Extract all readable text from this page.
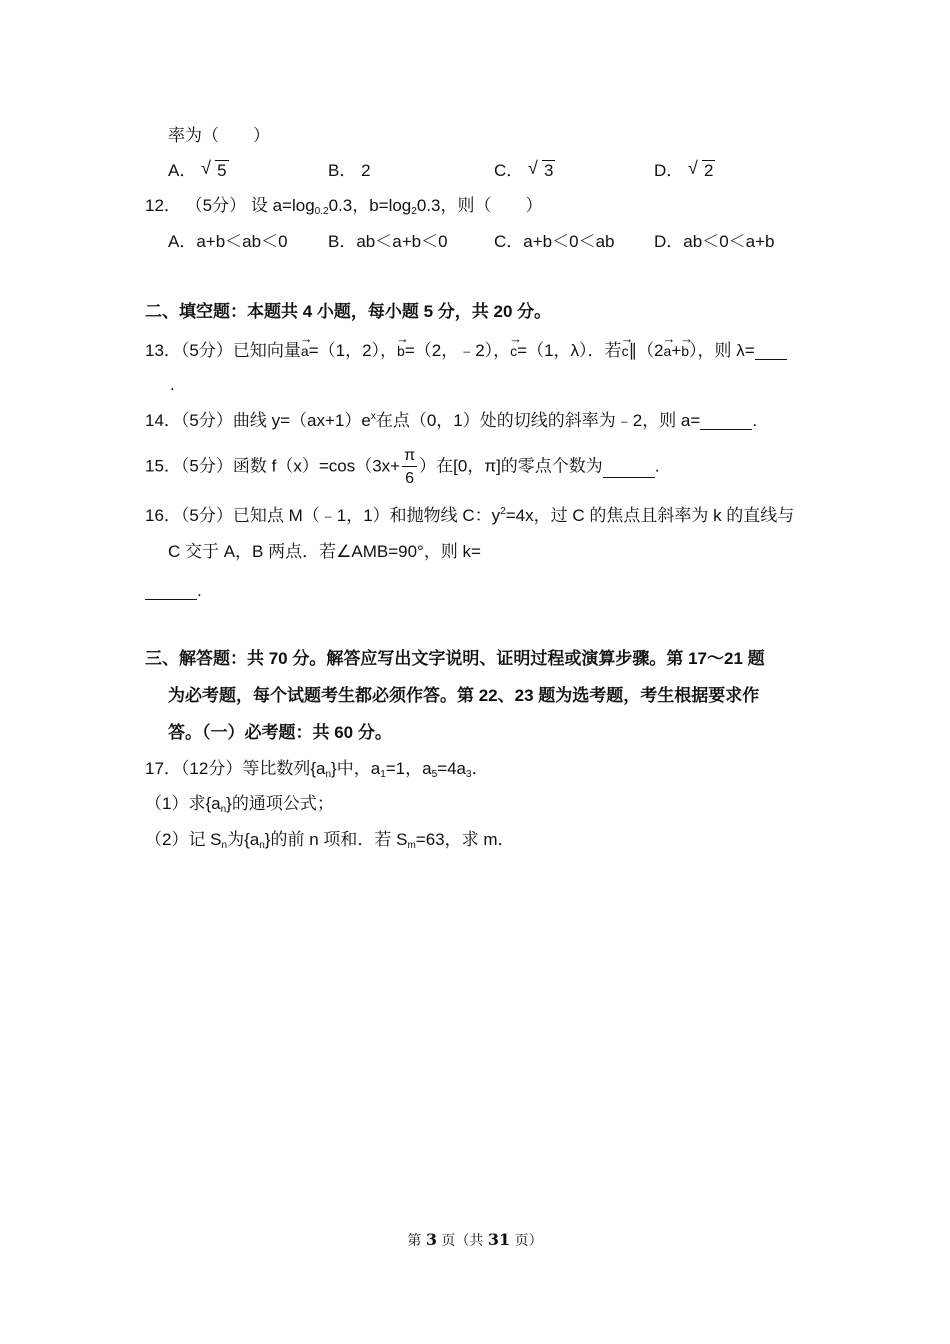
率为（　　）
A． √ 5	B． 2	C． √ 3	D． √ 2
12． （5分） 设 $a=\log_{0.2}0.3$，$b=\log_20.3$，则（　　）
A．a+b＜ab＜0 B．ab＜a+b＜0	C．a+b＜0＜ab D．ab＜0＜a+b
二、填空题：本题共 4 小题，每小题 5 分，共 20 分。
13．（5分）已知向量→ a=（1，2），→ b=（2，﹣2），→ c=（1，λ）．若→ c∥（2→ a+→ b），则 λ=
.
14．（5分）曲线 $y=(ax+1)e^x$在点（0，1）处的切线的斜率为﹣2，则 a=	.
15．（5分）函数 $f(x)=\cos(3x+ \frac{\pi}{6}$ ）在[0，π]的零点个数为	.
16．（5分）已知点 M（﹣1，1）和抛物线 C：$y^2=4x$，过 C 的焦点且斜率为 k 的直线与
C 交于 A，B 两点．若∠AMB=90°，则 k=
.
三、解答题：共 70 分。解答应写出文字说明、证明过程或演算步骤。第 17～21 题
为必考题，每个试题考生都必须作答。第 22、23 题为选考题，考生根据要求作
答。（一）必考题：共 60 分。
17．（12分）等比数列$\{a_n\}$中，$a_1=1$，$a_5=4a_3$．
（1）求$\{a_n\}$的通项公式；
（2）记 $S_n$为$\{a_n\}$的前 n 项和．若 $S_m=63$，求 m．
第 3 页（共 31 页）
